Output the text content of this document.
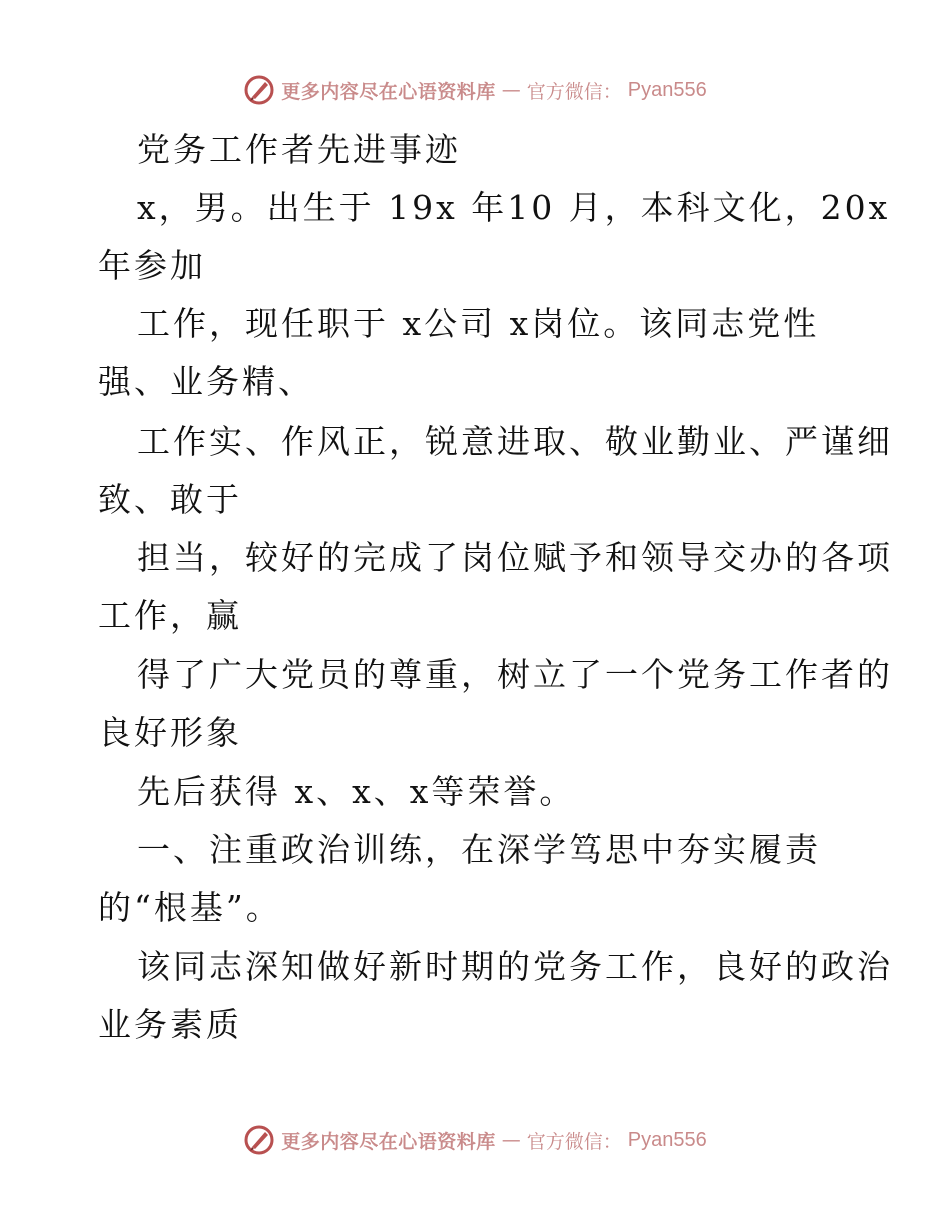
更多内容尽在心语资料库 — 官方微信： Pyan556
党务工作者先进事迹
x，男。出生于 19x 年10 月，本科文化，20x
年参加
工作，现任职于 x公司 x岗位。该同志党性
强、业务精、
工作实、作风正，锐意进取、敬业勤业、严谨细
致、敢于
担当，较好的完成了岗位赋予和领导交办的各项
工作，赢
得了广大党员的尊重，树立了一个党务工作者的
良好形象
先后获得 x、x、x等荣誉。
一、注重政治训练，在深学笃思中夯实履责
的“根基”。
该同志深知做好新时期的党务工作，良好的政治
业务素质
更多内容尽在心语资料库 — 官方微信： Pyan556
